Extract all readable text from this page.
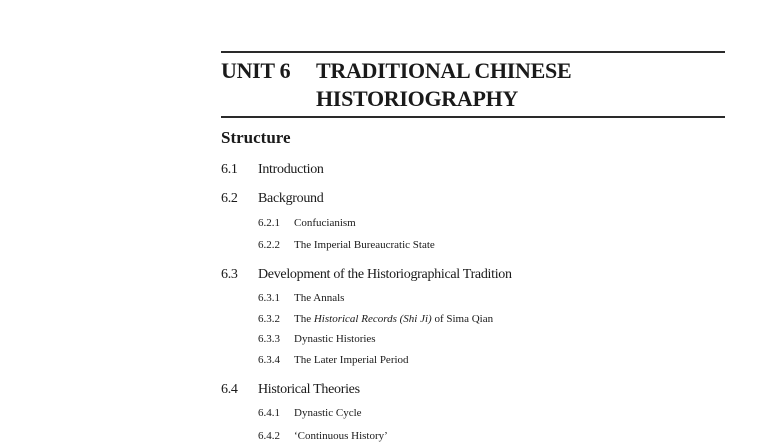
UNIT 6 TRADITIONAL CHINESE
HISTORIOGRAPHY
Structure
6.1 Introduction
6.2 Background
6.2.1 Confucianism
6.2.2 The Imperial Bureaucratic State
6.3 Development of the Historiographical Tradition
6.3.1 The Annals
6.3.2 The Historical Records (Shi Ji) of Sima Qian
6.3.3 Dynastic Histories
6.3.4 The Later Imperial Period
6.4 Historical Theories
6.4.1 Dynastic Cycle
6.4.2 ‘Continuous History’
